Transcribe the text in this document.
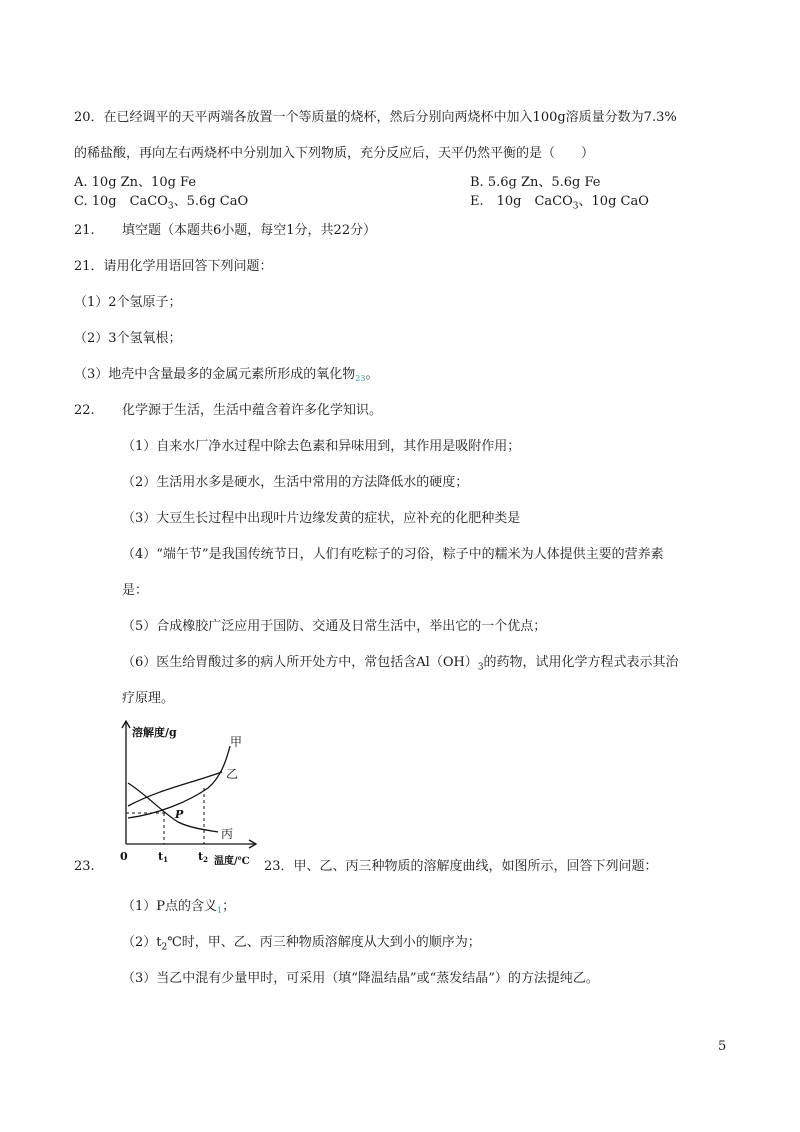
20．在已经调平的天平两端各放置一个等质量的烧杯，然后分别向两烧杯中加入100g溶质量分数为7.3%
的稀盐酸，再向左右两烧杯中分别加入下列物质，充分反应后，天平仍然平衡的是（　　）
A. 10g Zn、10g Fe	B. 5.6g Zn、5.6g Fe
C. 10g　CaCO$_3$、5.6g CaO	E.　10g　CaCO$_3$、10g CaO
21. 填空题（本题共6小题，每空1分，共22分）
21．请用化学用语回答下列问题：
（1）2个氢原子；
（2）3个氢氧根；
（3）地壳中含量最多的金属元素所形成的氧化物$_{23}$。
22. 化学源于生活，生活中蕴含着许多化学知识。
（1）自来水厂净水过程中除去色素和异味用到，其作用是吸附作用；
（2）生活用水多是硬水，生活中常用的方法降低水的硬度；
（3）大豆生长过程中出现叶片边缘发黄的症状，应补充的化肥种类是
（4）“端午节”是我国传统节日，人们有吃粽子的习俗，粽子中的糯米为人体提供主要的营养素
是：
（5）合成橡胶广泛应用于国防、交通及日常生活中，举出它的一个优点；
（6）医生给胃酸过多的病人所开处方中，常包括含$Al(OH)_3$的药物，试用化学方程式表示其治
疗原理。
溶解度/g
甲
乙
丙
P
0	t1	t2 温度/℃
23.	23．甲、乙、丙三种物质的溶解度曲线，如图所示，回答下列问题：
（1）P点的含义$_1$；
$(2)t_2℃$时，甲、乙、丙三种物质溶解度从大到小的顺序为；
（3）当乙中混有少量甲时，可采用（填“降温结晶”或“蒸发结晶”）的方法提纯乙。
5
